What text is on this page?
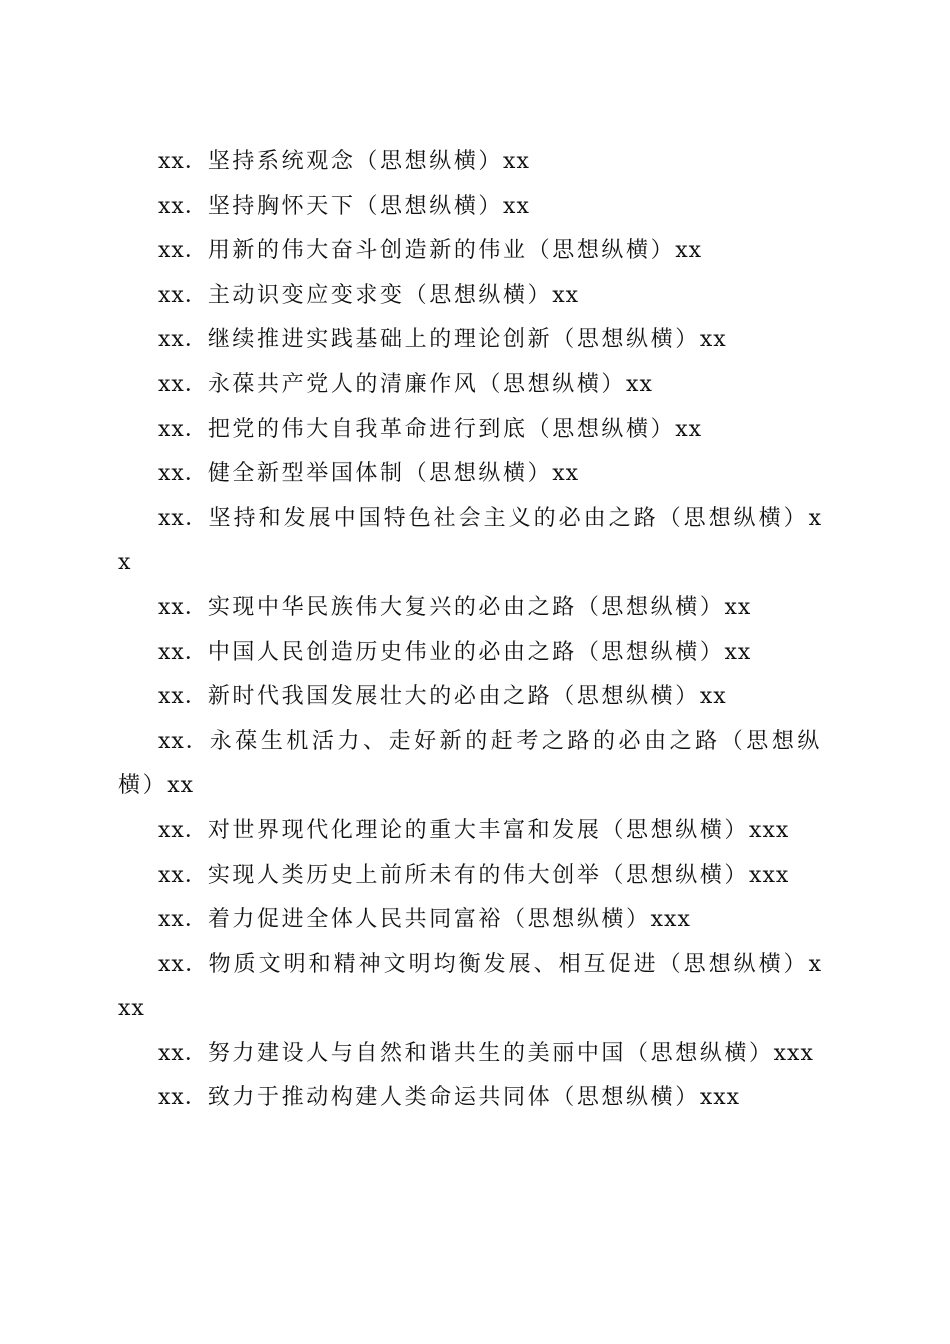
xx．坚持系统观念（思想纵横）xx

xx．坚持胸怀天下（思想纵横）xx

xx．用新的伟大奋斗创造新的伟业（思想纵横）xx

xx．主动识变应变求变（思想纵横）xx

xx．继续推进实践基础上的理论创新（思想纵横）xx

xx．永葆共产党人的清廉作风（思想纵横）xx

xx．把党的伟大自我革命进行到底（思想纵横）xx

xx．健全新型举国体制（思想纵横）xx

xx．坚持和发展中国特色社会主义的必由之路（思想纵横）xx

xx．实现中华民族伟大复兴的必由之路（思想纵横）xx

xx．中国人民创造历史伟业的必由之路（思想纵横）xx

xx．新时代我国发展壮大的必由之路（思想纵横）xx

xx．永葆生机活力、走好新的赶考之路的必由之路（思想纵横）xx

xx．对世界现代化理论的重大丰富和发展（思想纵横）xxx

xx．实现人类历史上前所未有的伟大创举（思想纵横）xxx

xx．着力促进全体人民共同富裕（思想纵横）xxx

xx．物质文明和精神文明均衡发展、相互促进（思想纵横）xxx

xx．努力建设人与自然和谐共生的美丽中国（思想纵横）xxx

xx．致力于推动构建人类命运共同体（思想纵横）xxx
